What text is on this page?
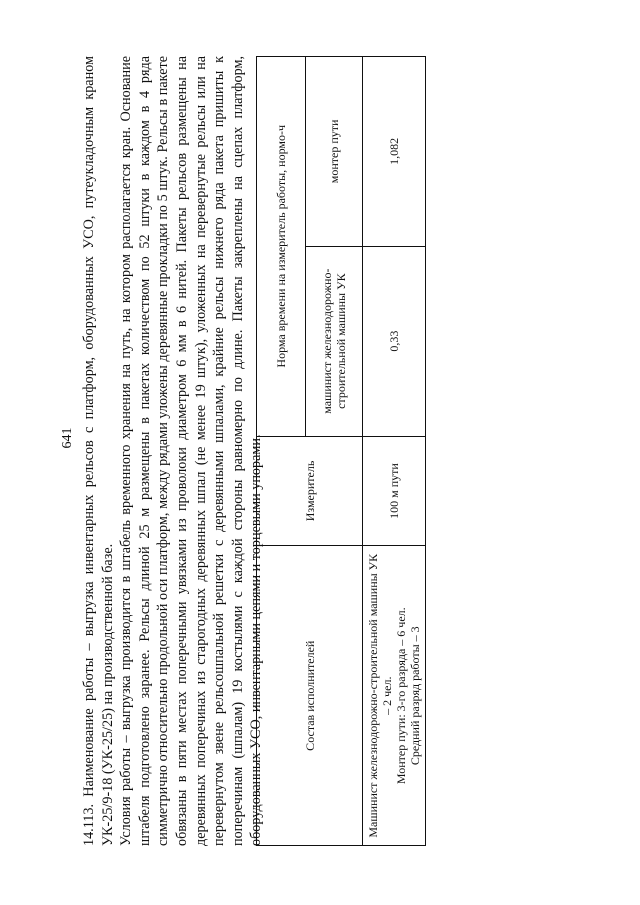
641 14.113. Наименование работы – выгрузка инвентарных рельсов с платформ, оборудованных УСО, путеукладочным краном УК-25/9-18 (УК-25/25) на производственной базе. Условия работы – выгрузка производится в штабель временного хранения на путь, на котором располагается кран. Основание штабеля подготовлено заранее. Рельсы длиной 25 м размещены в пакетах количеством по 52 штуки в каждом в 4 ряда симметрично относительно продольной оси платформ, между рядами уложены деревянные прокладки по 5 штук. Рельсы в пакете обвязаны в пяти местах поперечными увязками из проволоки диаметром 6 мм в 6 нитей. Пакеты рельсов размещены на деревянных поперечинах из старогодных деревянных шпал (не менее 19 штук), уложенных на перевернутые рельсы или на перевернутом звене рельсошпальной решетки с деревянными шпалами, крайние рельсы нижнего ряда пакета пришиты к поперечинам (шпалам) 19 костылями с каждой стороны равномерно по длине. Пакеты закреплены на сцепах платформ, оборудованных УСО, инвентарными цепями и торцевыми упорами.	Состав исполнителей	Измеритель	Норма времени на измеритель работы, нормо-ч	
		машинист железнодорожно-строительной машины УК	монтер пути

Машинист железнодорожно-строительной машины УК – 2 чел. Монтер пути: 3-го разряда – 6 чел. Средний разряд работы – 3	100 м пути	0,33	1,082
